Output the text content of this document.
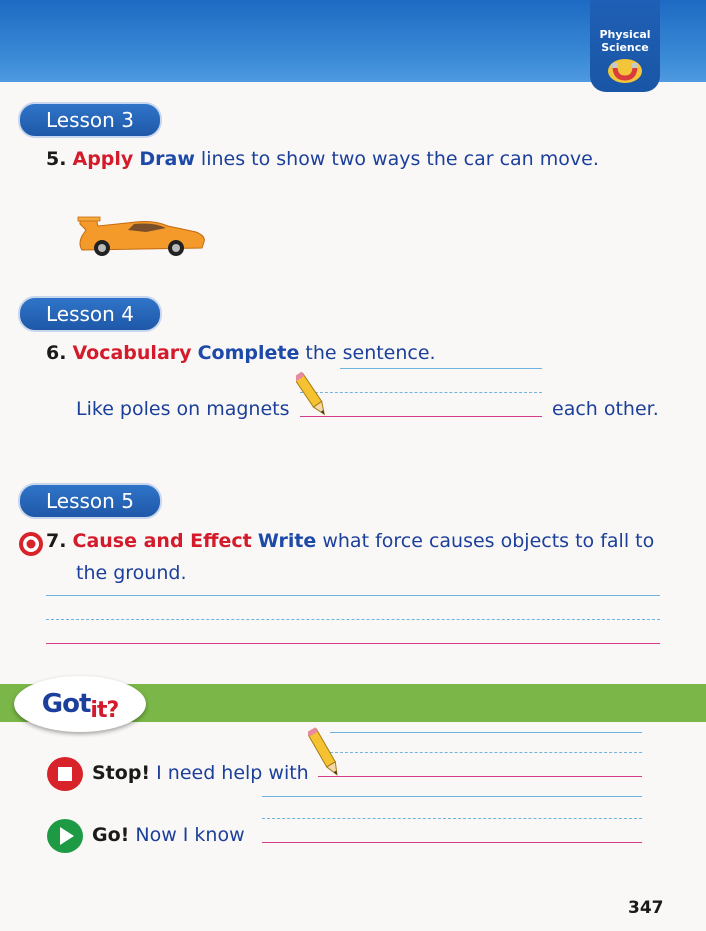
Physical
Science

Lesson 3
5. Apply Draw lines to show two ways the car can move.
Lesson 4
6. Vocabulary Complete the sentence.
Like poles on magnets	each other.
Lesson 5
7. Cause and Effect Write what force causes objects to fall to
the ground.
Gotit?
Stop! I need help with
Go! Now I know
347
